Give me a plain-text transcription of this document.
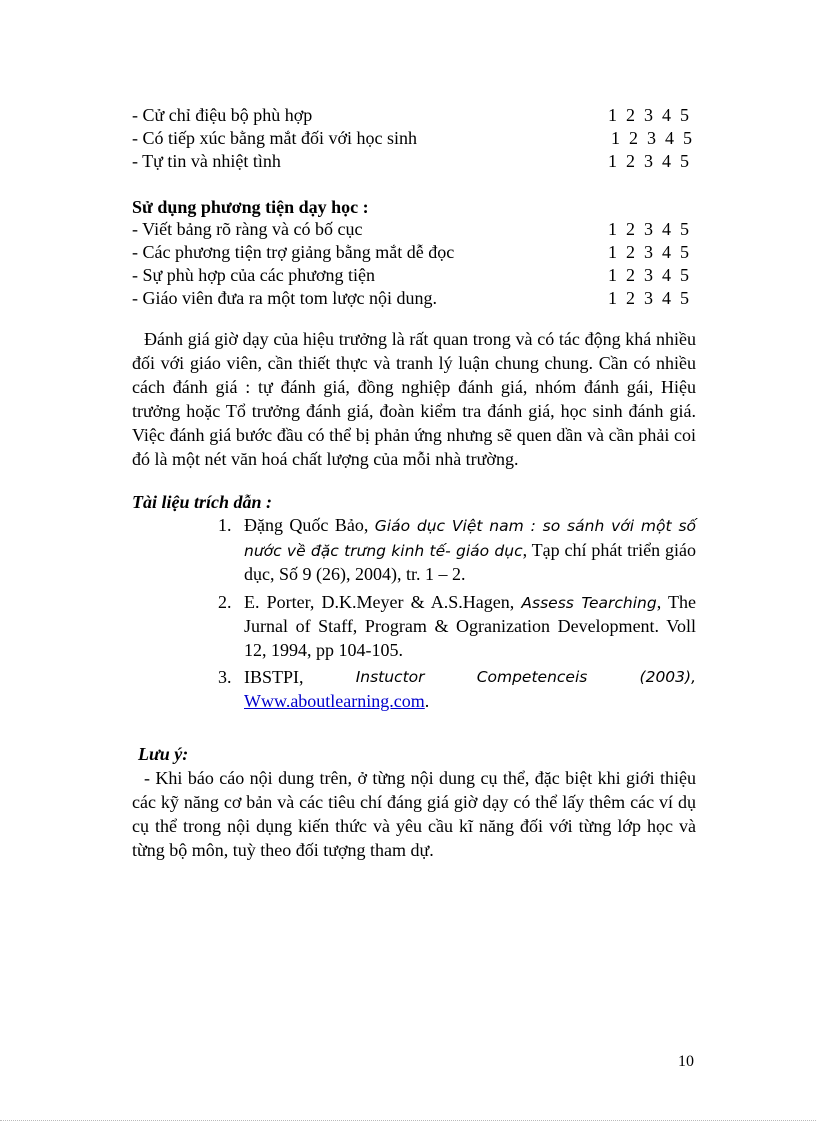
- Cử chỉ điệu bộ phù hợp	1 2 3 4 5
- Có tiếp xúc bằng mắt đối với học sinh	1 2 3 4 5
- Tự tin và nhiệt tình	1 2 3 4 5
Sử dụng phương tiện dạy học :
- Viết bảng rõ ràng và có bố cục	1 2 3 4 5
- Các phương tiện trợ giảng bằng mắt dễ đọc	1 2 3 4 5
- Sự phù hợp của các phương tiện	1 2 3 4 5
- Giáo viên đưa ra một tom lược nội dung.	1 2 3 4 5
Đánh giá giờ dạy của hiệu trưởng là rất quan trong và có tác động khá nhiều đối với giáo viên, cần thiết thực và tranh lý luận chung chung. Cần có nhiều cách đánh giá : tự đánh giá, đồng nghiệp đánh giá, nhóm đánh gái, Hiệu trưởng hoặc Tổ trưởng đánh giá, đoàn kiểm tra đánh giá, học sinh đánh giá. Việc đánh giá bước đầu có thể bị phản ứng nhưng sẽ quen dần và cần phải coi đó là một nét văn hoá chất lượng của mỗi nhà trường.
Tài liệu trích dẫn :
1. Đặng Quốc Bảo, Giáo dục Việt nam : so sánh với một số nước về đặc trưng kinh tế- giáo dục, Tạp chí phát triển giáo dục, Số 9 (26), 2004), tr. 1 – 2.
2. E. Porter, D.K.Meyer & A.S.Hagen, Assess Tearching, The Jurnal of Staff, Program & Ogranization Development. Voll 12, 1994, pp 104-105.
3. IBSTPI,	Instuctor	Competenceis	(2003),
Www.aboutlearning.com.
Lưu ý:
- Khi báo cáo nội dung trên, ở từng nội dung cụ thể, đặc biệt khi giới thiệu các kỹ năng cơ bản và các tiêu chí đáng giá giờ dạy có thể lấy thêm các ví dụ cụ thể trong nội dụng kiến thức và yêu cầu kĩ năng đối với từng lớp học và từng bộ môn, tuỳ theo đối tượng tham dự.
10
